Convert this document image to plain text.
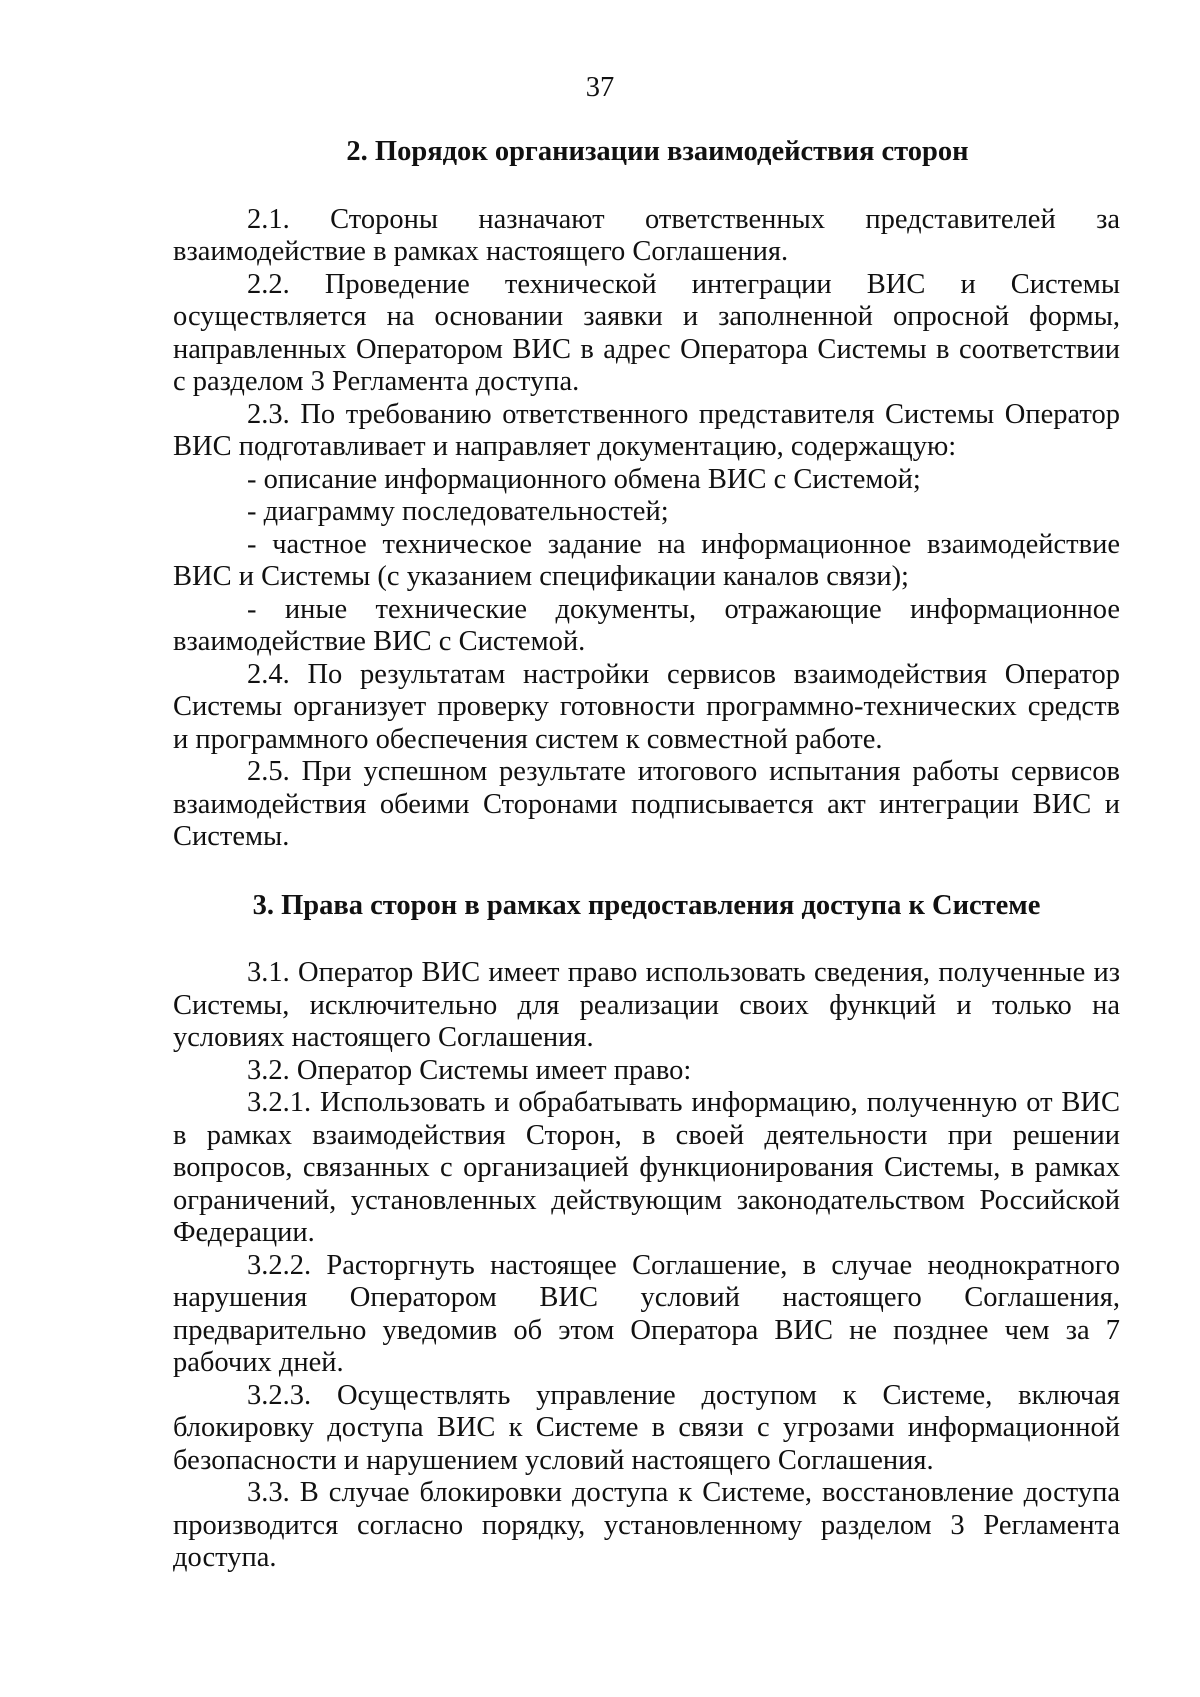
37

2. Порядок организации взаимодействия сторон

2.1. Стороны назначают ответственных представителей за взаимодействие в рамках настоящего Соглашения.

2.2. Проведение технической интеграции ВИС и Системы осуществляется на основании заявки и заполненной опросной формы, направленных Оператором ВИС в адрес Оператора Системы в соответствии с разделом 3 Регламента доступа.

2.3. По требованию ответственного представителя Системы Оператор ВИС подготавливает и направляет документацию, содержащую:

- описание информационного обмена ВИС с Системой;

- диаграмму последовательностей;

- частное техническое задание на информационное взаимодействие ВИС и Системы (с указанием спецификации каналов связи);

- иные технические документы, отражающие информационное взаимодействие ВИС с Системой.

2.4. По результатам настройки сервисов взаимодействия Оператор Системы организует проверку готовности программно-технических средств и программного обеспечения систем к совместной работе.

2.5. При успешном результате итогового испытания работы сервисов взаимодействия обеими Сторонами подписывается акт интеграции ВИС и Системы.

3. Права сторон в рамках предоставления доступа к Системе

3.1. Оператор ВИС имеет право использовать сведения, полученные из Системы, исключительно для реализации своих функций и только на условиях настоящего Соглашения.

3.2. Оператор Системы имеет право:

3.2.1. Использовать и обрабатывать информацию, полученную от ВИС в рамках взаимодействия Сторон, в своей деятельности при решении вопросов, связанных с организацией функционирования Системы, в рамках ограничений, установленных действующим законодательством Российской Федерации.

3.2.2. Расторгнуть настоящее Соглашение, в случае неоднократного нарушения Оператором ВИС условий настоящего Соглашения, предварительно уведомив об этом Оператора ВИС не позднее чем за 7 рабочих дней.

3.2.3. Осуществлять управление доступом к Системе, включая блокировку доступа ВИС к Системе в связи с угрозами информационной безопасности и нарушением условий настоящего Соглашения.

3.3. В случае блокировки доступа к Системе, восстановление доступа производится согласно порядку, установленному разделом 3 Регламента доступа.
